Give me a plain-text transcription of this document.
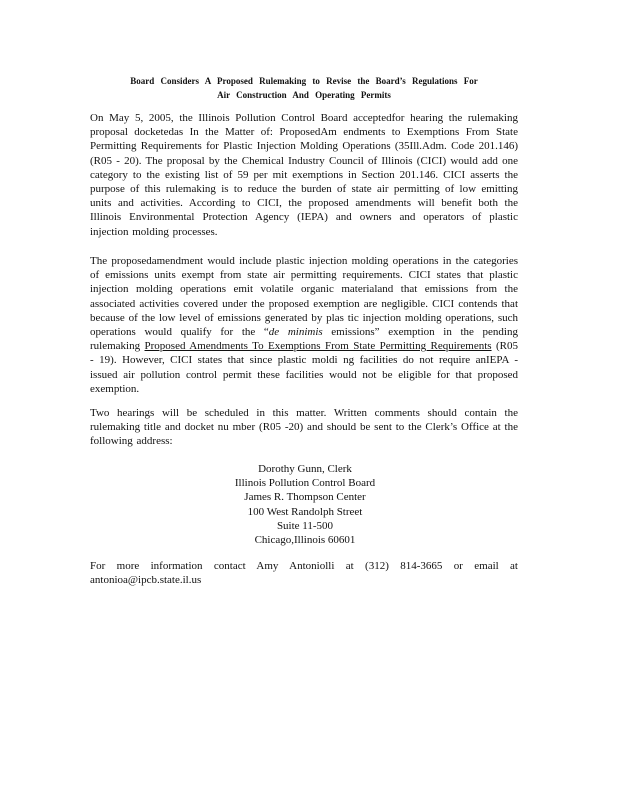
Board Considers A Proposed Rulemaking to Revise the Board’s Regulations For
Air Construction And Operating Permits

On May 5, 2005, the Illinois Pollution Control Board acceptedfor hearing the rulemaking proposal docketedas In the Matter of: ProposedAm endments to Exemptions From State Permitting Requirements for Plastic Injection Molding Operations (35Ill.Adm. Code 201.146) (R05 - 20). The proposal by the Chemical Industry Council of Illinois (CICI) would add one category to the existing list of 59 per mit exemptions in Section 201.146. CICI asserts the purpose of this rulemaking is to reduce the burden of state air permitting of low emitting units and activities. According to CICI, the proposed amendments will benefit both the Illinois Environmental Protection Agency (IEPA) and owners and operators of plastic injection molding processes.

The proposedamendment would include plastic injection molding operations in the categories of emissions units exempt from state air permitting requirements. CICI states that plastic injection molding operations emit volatile organic materialand that emissions from the associated activities covered under the proposed exemption are negligible. CICI contends that because of the low level of emissions generated by plas tic injection molding operations, such operations would qualify for the “de minimis emissions” exemption in the pending rulemaking Proposed Amendments To Exemptions From State Permitting Requirements (R05 - 19). However, CICI states that since plastic moldi ng facilities do not require anIEPA - issued air pollution control permit these facilities would not be eligible for that proposed exemption.

Two hearings will be scheduled in this matter. Written comments should contain the rulemaking title and docket nu mber (R05 -20) and should be sent to the Clerk’s Office at the following address:

Dorothy Gunn, Clerk
Illinois Pollution Control Board
James R. Thompson Center
100 West Randolph Street
Suite 11-500
Chicago,Illinois 60601

For more information contact Amy Antoniolli at (312) 814-3665 or email at antonioa@ipcb.state.il.us
